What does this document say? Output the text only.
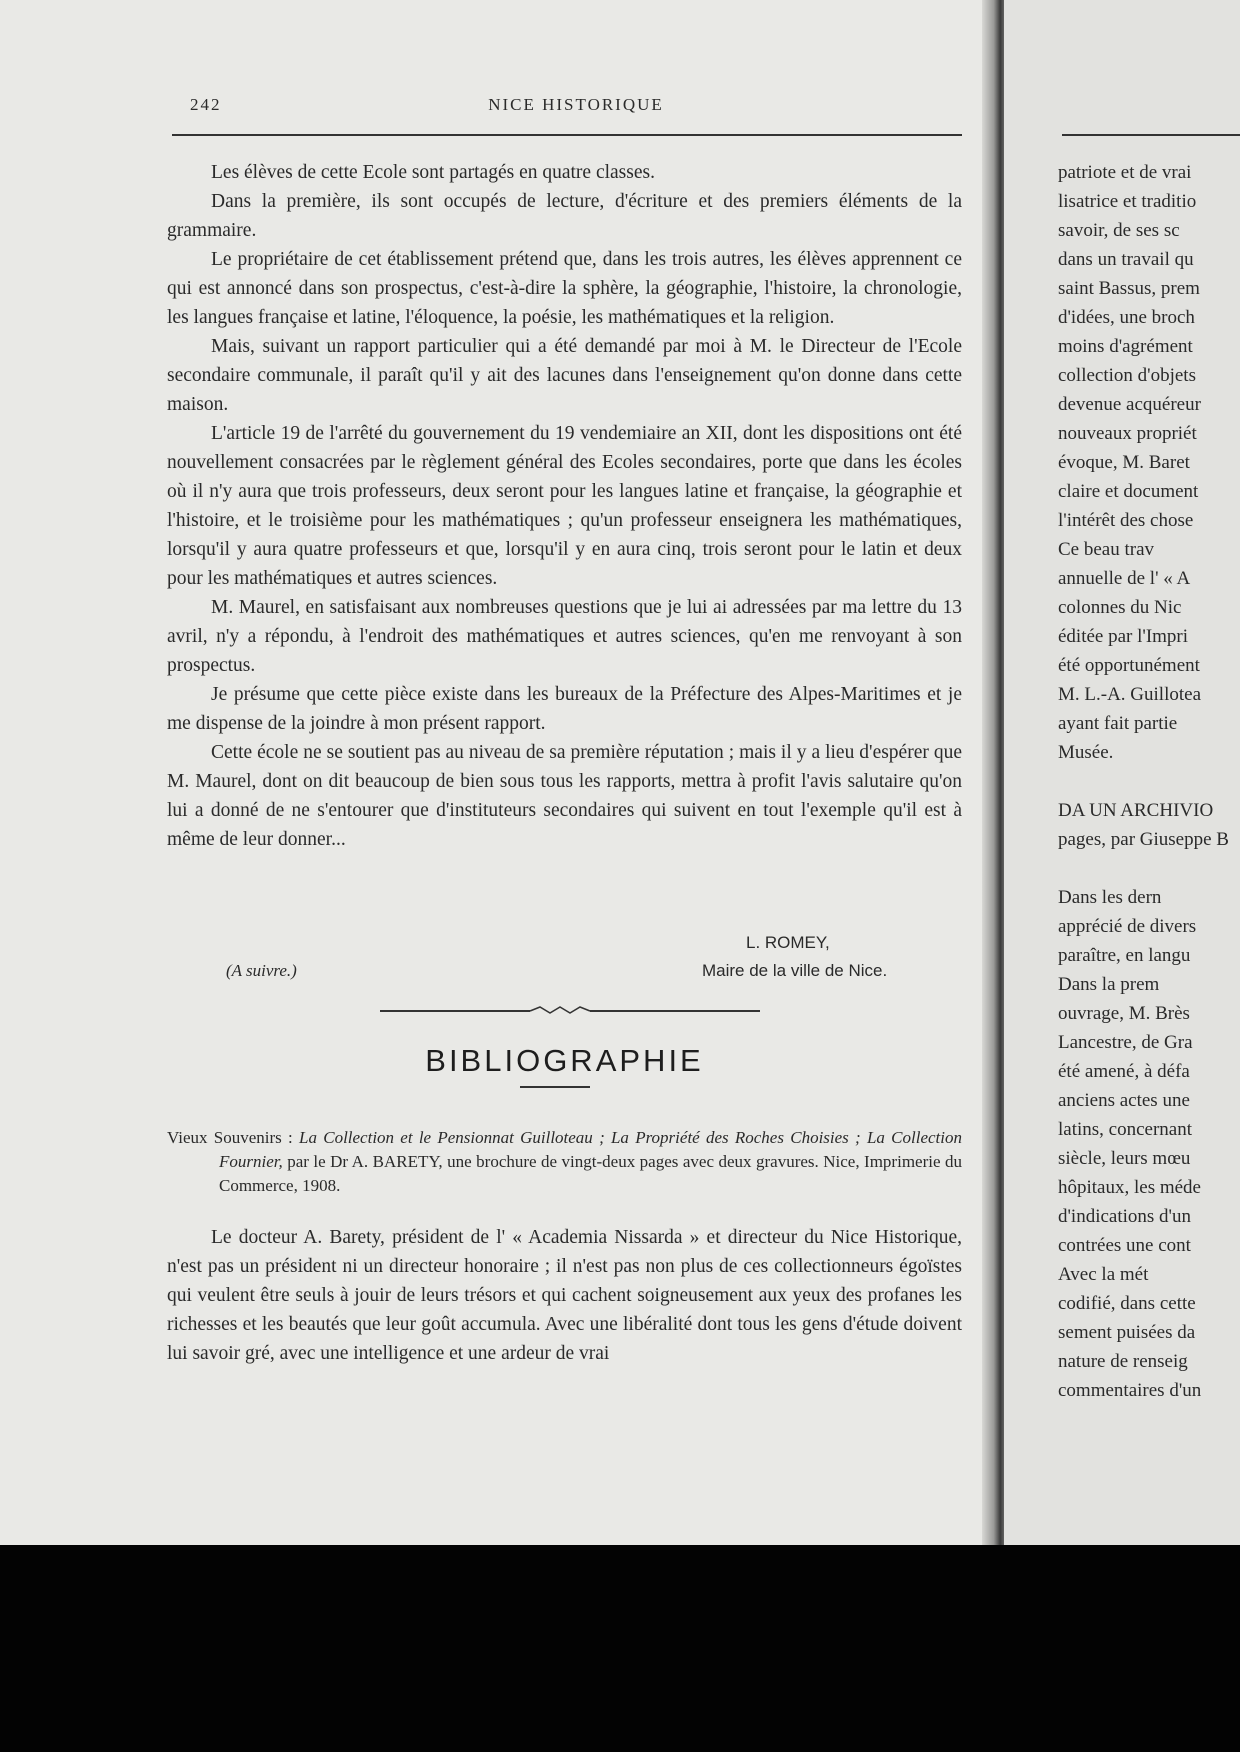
242	NICE HISTORIQUE

Les élèves de cette Ecole sont partagés en quatre classes.

Dans la première, ils sont occupés de lecture, d'écriture et des premiers éléments de la grammaire.

Le propriétaire de cet établissement prétend que, dans les trois autres, les élèves apprennent ce qui est annoncé dans son prospectus, c'est-à-dire la sphère, la géographie, l'histoire, la chronologie, les langues française et latine, l'éloquence, la poésie, les mathématiques et la religion.

Mais, suivant un rapport particulier qui a été demandé par moi à M. le Directeur de l'Ecole secondaire communale, il paraît qu'il y ait des lacunes dans l'enseignement qu'on donne dans cette maison.

L'article 19 de l'arrêté du gouvernement du 19 vendemiaire an XII, dont les dispositions ont été nouvellement consacrées par le règlement général des Ecoles secondaires, porte que dans les écoles où il n'y aura que trois professeurs, deux seront pour les langues latine et française, la géographie et l'histoire, et le troisième pour les mathématiques ; qu'un professeur enseignera les mathématiques, lorsqu'il y aura quatre professeurs et que, lorsqu'il y en aura cinq, trois seront pour le latin et deux pour les mathématiques et autres sciences.

M. Maurel, en satisfaisant aux nombreuses questions que je lui ai adressées par ma lettre du 13 avril, n'y a répondu, à l'endroit des mathématiques et autres sciences, qu'en me renvoyant à son prospectus.

Je présume que cette pièce existe dans les bureaux de la Préfecture des Alpes-Maritimes et je me dispense de la joindre à mon présent rapport.

Cette école ne se soutient pas au niveau de sa première réputation ; mais il y a lieu d'espérer que M. Maurel, dont on dit beaucoup de bien sous tous les rapports, mettra à profit l'avis salutaire qu'on lui a donné de ne s'entourer que d'instituteurs secondaires qui suivent en tout l'exemple qu'il est à même de leur donner...

L. ROMEY,
(A suivre.)	Maire de la ville de Nice.
BIBLIOGRAPHIE
Vieux Souvenirs : La Collection et le Pensionnat Guilloteau ; La Propriété des Roches Choisies ; La Collection Fournier, par le Dr A. BARETY, une brochure de vingt-deux pages avec deux gravures. Nice, Imprimerie du Commerce, 1908.

Le docteur A. Barety, président de l' « Academia Nissarda » et directeur du Nice Historique, n'est pas un président ni un directeur honoraire ; il n'est pas non plus de ces collectionneurs égoïstes qui veulent être seuls à jouir de leurs trésors et qui cachent soigneusement aux yeux des profanes les richesses et les beautés que leur goût accumula. Avec une libéralité dont tous les gens d'étude doivent lui savoir gré, avec une intelligence et une ardeur de vrai

patriote et de vrai
lisatrice et traditio
savoir, de ses sc
dans un travail qu
saint Bassus, prem
d'idées, une broch
moins d'agrément
collection d'objets
devenue acquéreur
nouveaux propriét
évoque, M. Baret
claire et document
l'intérêt des chose
Ce beau trav
annuelle de l' « A
colonnes du Nic
éditée par l'Impri
été opportunément
M. L.-A. Guillotea
ayant fait partie
Musée.
DA UN ARCHIVIO
pages, par Giuseppe B
Dans les dern
apprécié de divers
paraître, en langu
Dans la prem
ouvrage, M. Brès
Lancestre, de Gra
été amené, à défa
anciens actes une
latins, concernant
siècle, leurs mœu
hôpitaux, les méde
d'indications d'un
contrées une cont
Avec la mét
codifié, dans cette
sement puisées da
nature de renseig
commentaires d'un
